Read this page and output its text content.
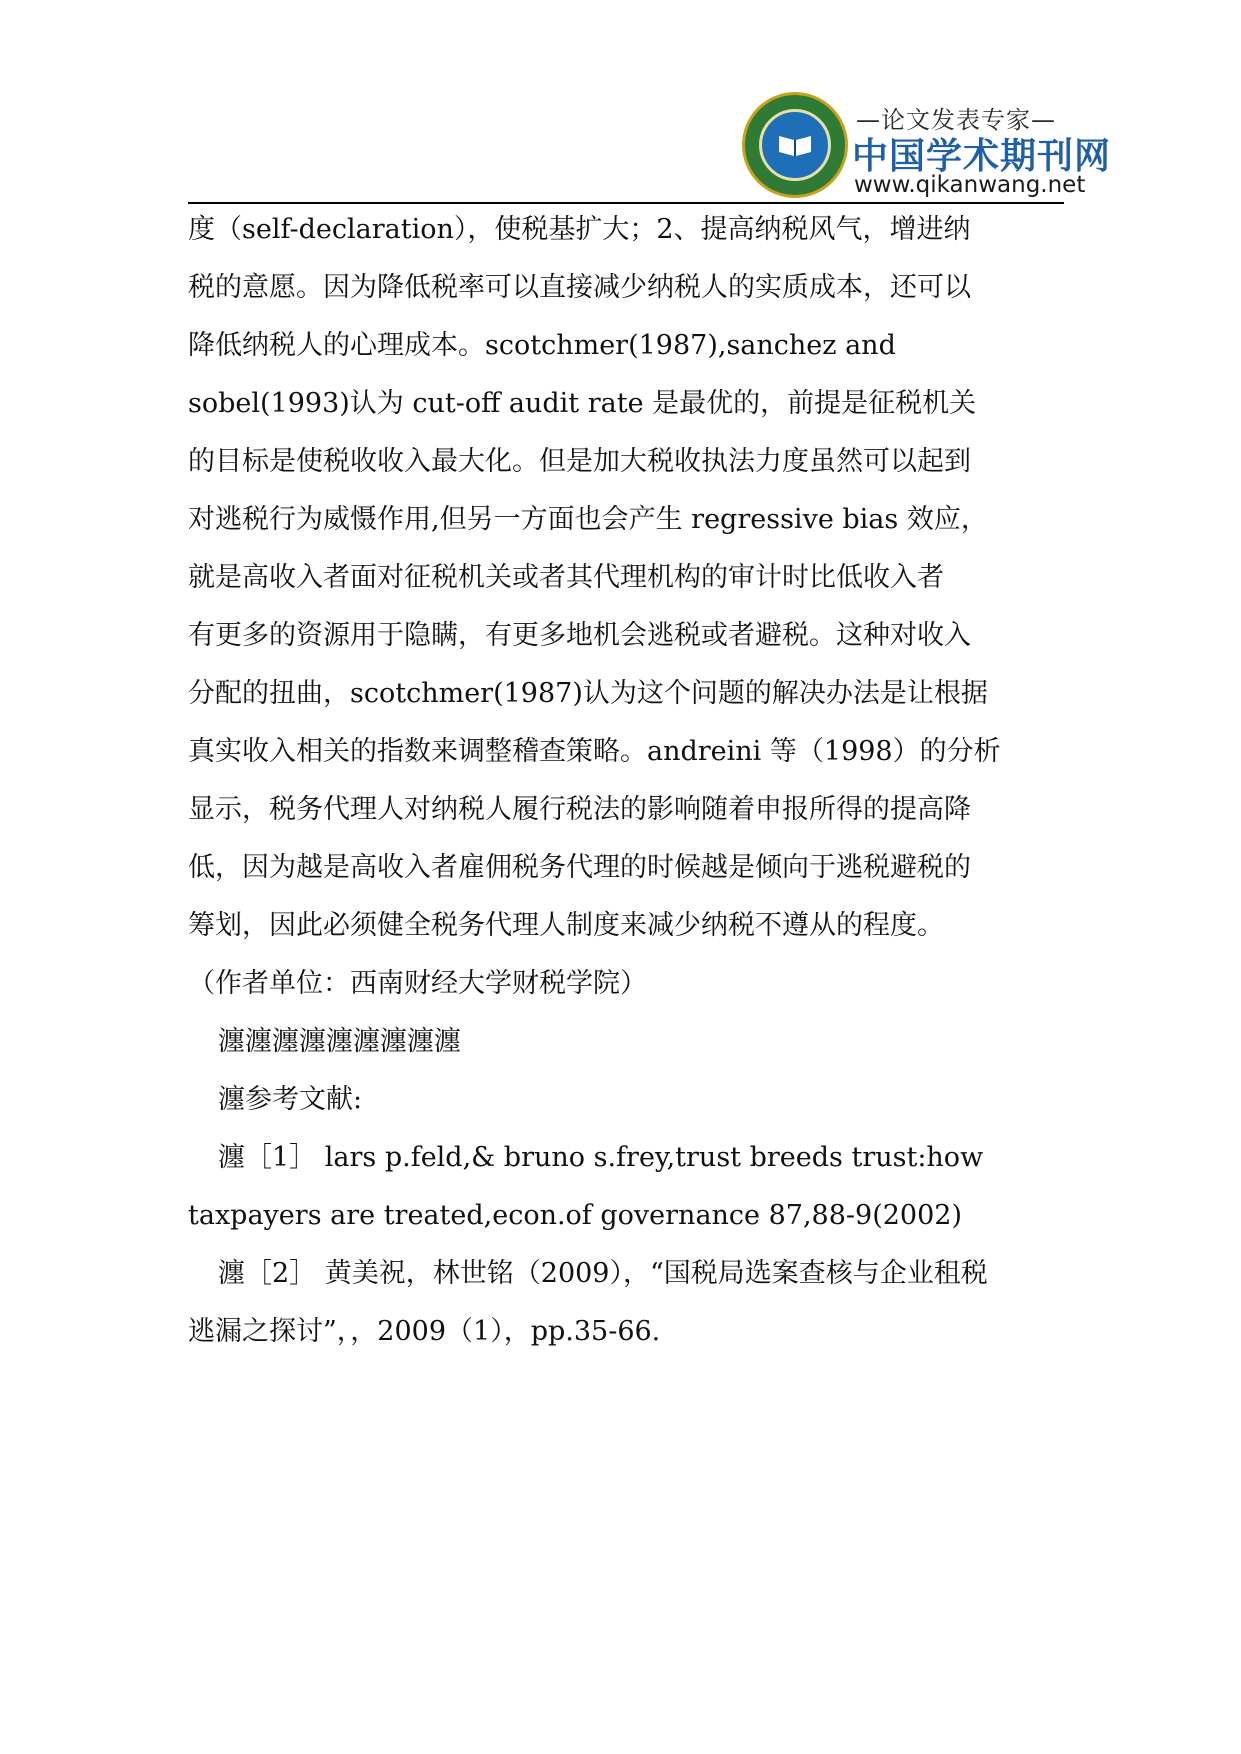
—论文发表专家—
中国学术期刊网
www.qikanwang.net
度（self-declaration），使税基扩大；2、提高纳税风气，增进纳
税的意愿。因为降低税率可以直接减少纳税人的实质成本，还可以
降低纳税人的心理成本。scotchmer(1987),sanchez and
sobel(1993)认为 cut-off audit rate 是最优的，前提是征税机关
的目标是使税收收入最大化。但是加大税收执法力度虽然可以起到
对逃税行为威慑作用,但另一方面也会产生 regressive bias 效应，
就是高收入者面对征税机关或者其代理机构的审计时比低收入者
有更多的资源用于隐瞒，有更多地机会逃税或者避税。这种对收入
分配的扭曲，scotchmer(1987)认为这个问题的解决办法是让根据
真实收入相关的指数来调整稽查策略。andreini 等（1998）的分析
显示，税务代理人对纳税人履行税法的影响随着申报所得的提高降
低，因为越是高收入者雇佣税务代理的时候越是倾向于逃税避税的
筹划，因此必须健全税务代理人制度来减少纳税不遵从的程度。
（作者单位：西南财经大学财税学院）
瀍瀍瀍瀍瀍瀍瀍瀍瀍
瀍参考文献:
瀍［1］ lars p.feld,& bruno s.frey,trust breeds trust:how
taxpayers are treated,econ.of governance 87,88-9(2002)
瀍［2］ 黄美祝，林世铭（2009），“国税局选案查核与企业租税
逃漏之探讨”，，2009（1），pp.35-66.
